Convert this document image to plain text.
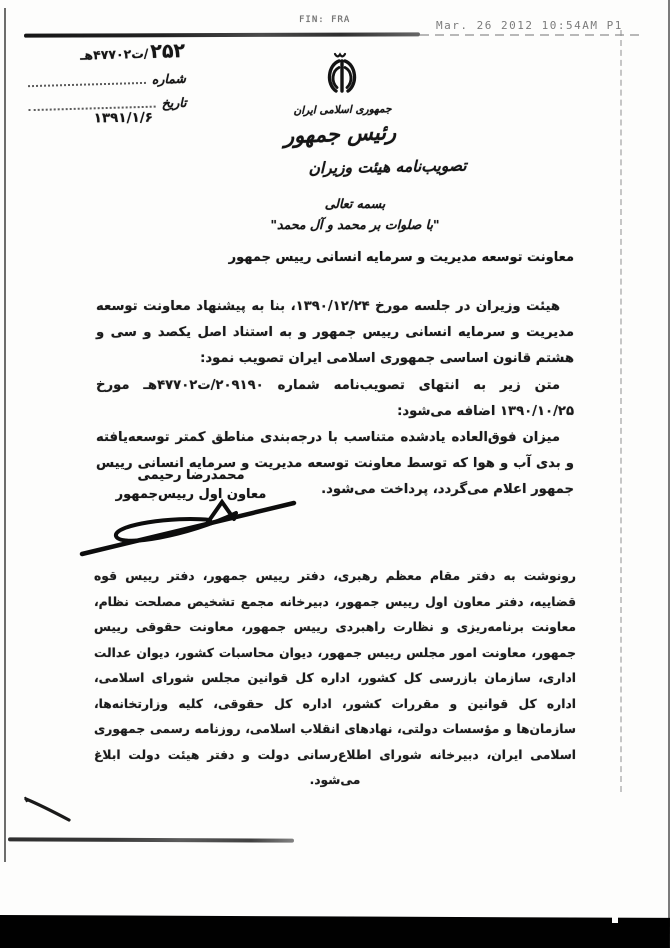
FIN: FRA	Mar. 26 2012 10:54AM P1
۲۵۲
/ت۴۷۷۰۲هـ
شماره
تاریخ
۱۳۹۱/۱/۶	جمهوری اسلامی ایران
رئیس جمهور
تصویب‌نامه هیئت وزیران
بسمه تعالی
"با صلوات بر محمد و آل محمد"
معاونت توسعه مدیریت و سرمایه انسانی رییس جمهور

هیئت وزیران در جلسه مورخ ۱۳۹۰/۱۲/۲۴، بنا به پیشنهاد معاونت توسعه مدیریت و سرمایه انسانی رییس جمهور و به استناد اصل یکصد و سی و هشتم قانون اساسی جمهوری اسلامی ایران تصویب نمود:

متن زیر به انتهای تصویب‌نامه شماره ۲۰۹۱۹۰/ت۴۷۷۰۲هـ مورخ ۱۳۹۰/۱۰/۲۵ اضافه می‌شود:

میزان فوق‌العاده یادشده متناسب با درجه‌بندی مناطق کمتر توسعه‌یافته و بدی آب و هوا که توسط معاونت توسعه مدیریت و سرمایه انسانی رییس جمهور اعلام می‌گردد، پرداخت می‌شود.

محمدرضا رحیمی
معاون اول رییس‌جمهور
رونوشت به دفتر مقام معظم رهبری، دفتر رییس جمهور، دفتر رییس قوه قضاییه، دفتر معاون اول رییس جمهور، دبیرخانه مجمع تشخیص مصلحت نظام، معاونت برنامه‌ریزی و نظارت راهبردی رییس جمهور، معاونت حقوقی رییس جمهور، معاونت امور مجلس رییس جمهور، دیوان محاسبات کشور، دیوان عدالت اداری، سازمان بازرسی کل کشور، اداره کل قوانین مجلس شورای اسلامی، اداره کل قوانین و مقررات کشور، اداره کل حقوقی، کلیه وزارتخانه‌ها، سازمان‌ها و مؤسسات دولتی، نهادهای انقلاب اسلامی، روزنامه رسمی جمهوری اسلامی ایران، دبیرخانه شورای اطلاع‌رسانی دولت و دفتر هیئت دولت ابلاغ می‌شود.
